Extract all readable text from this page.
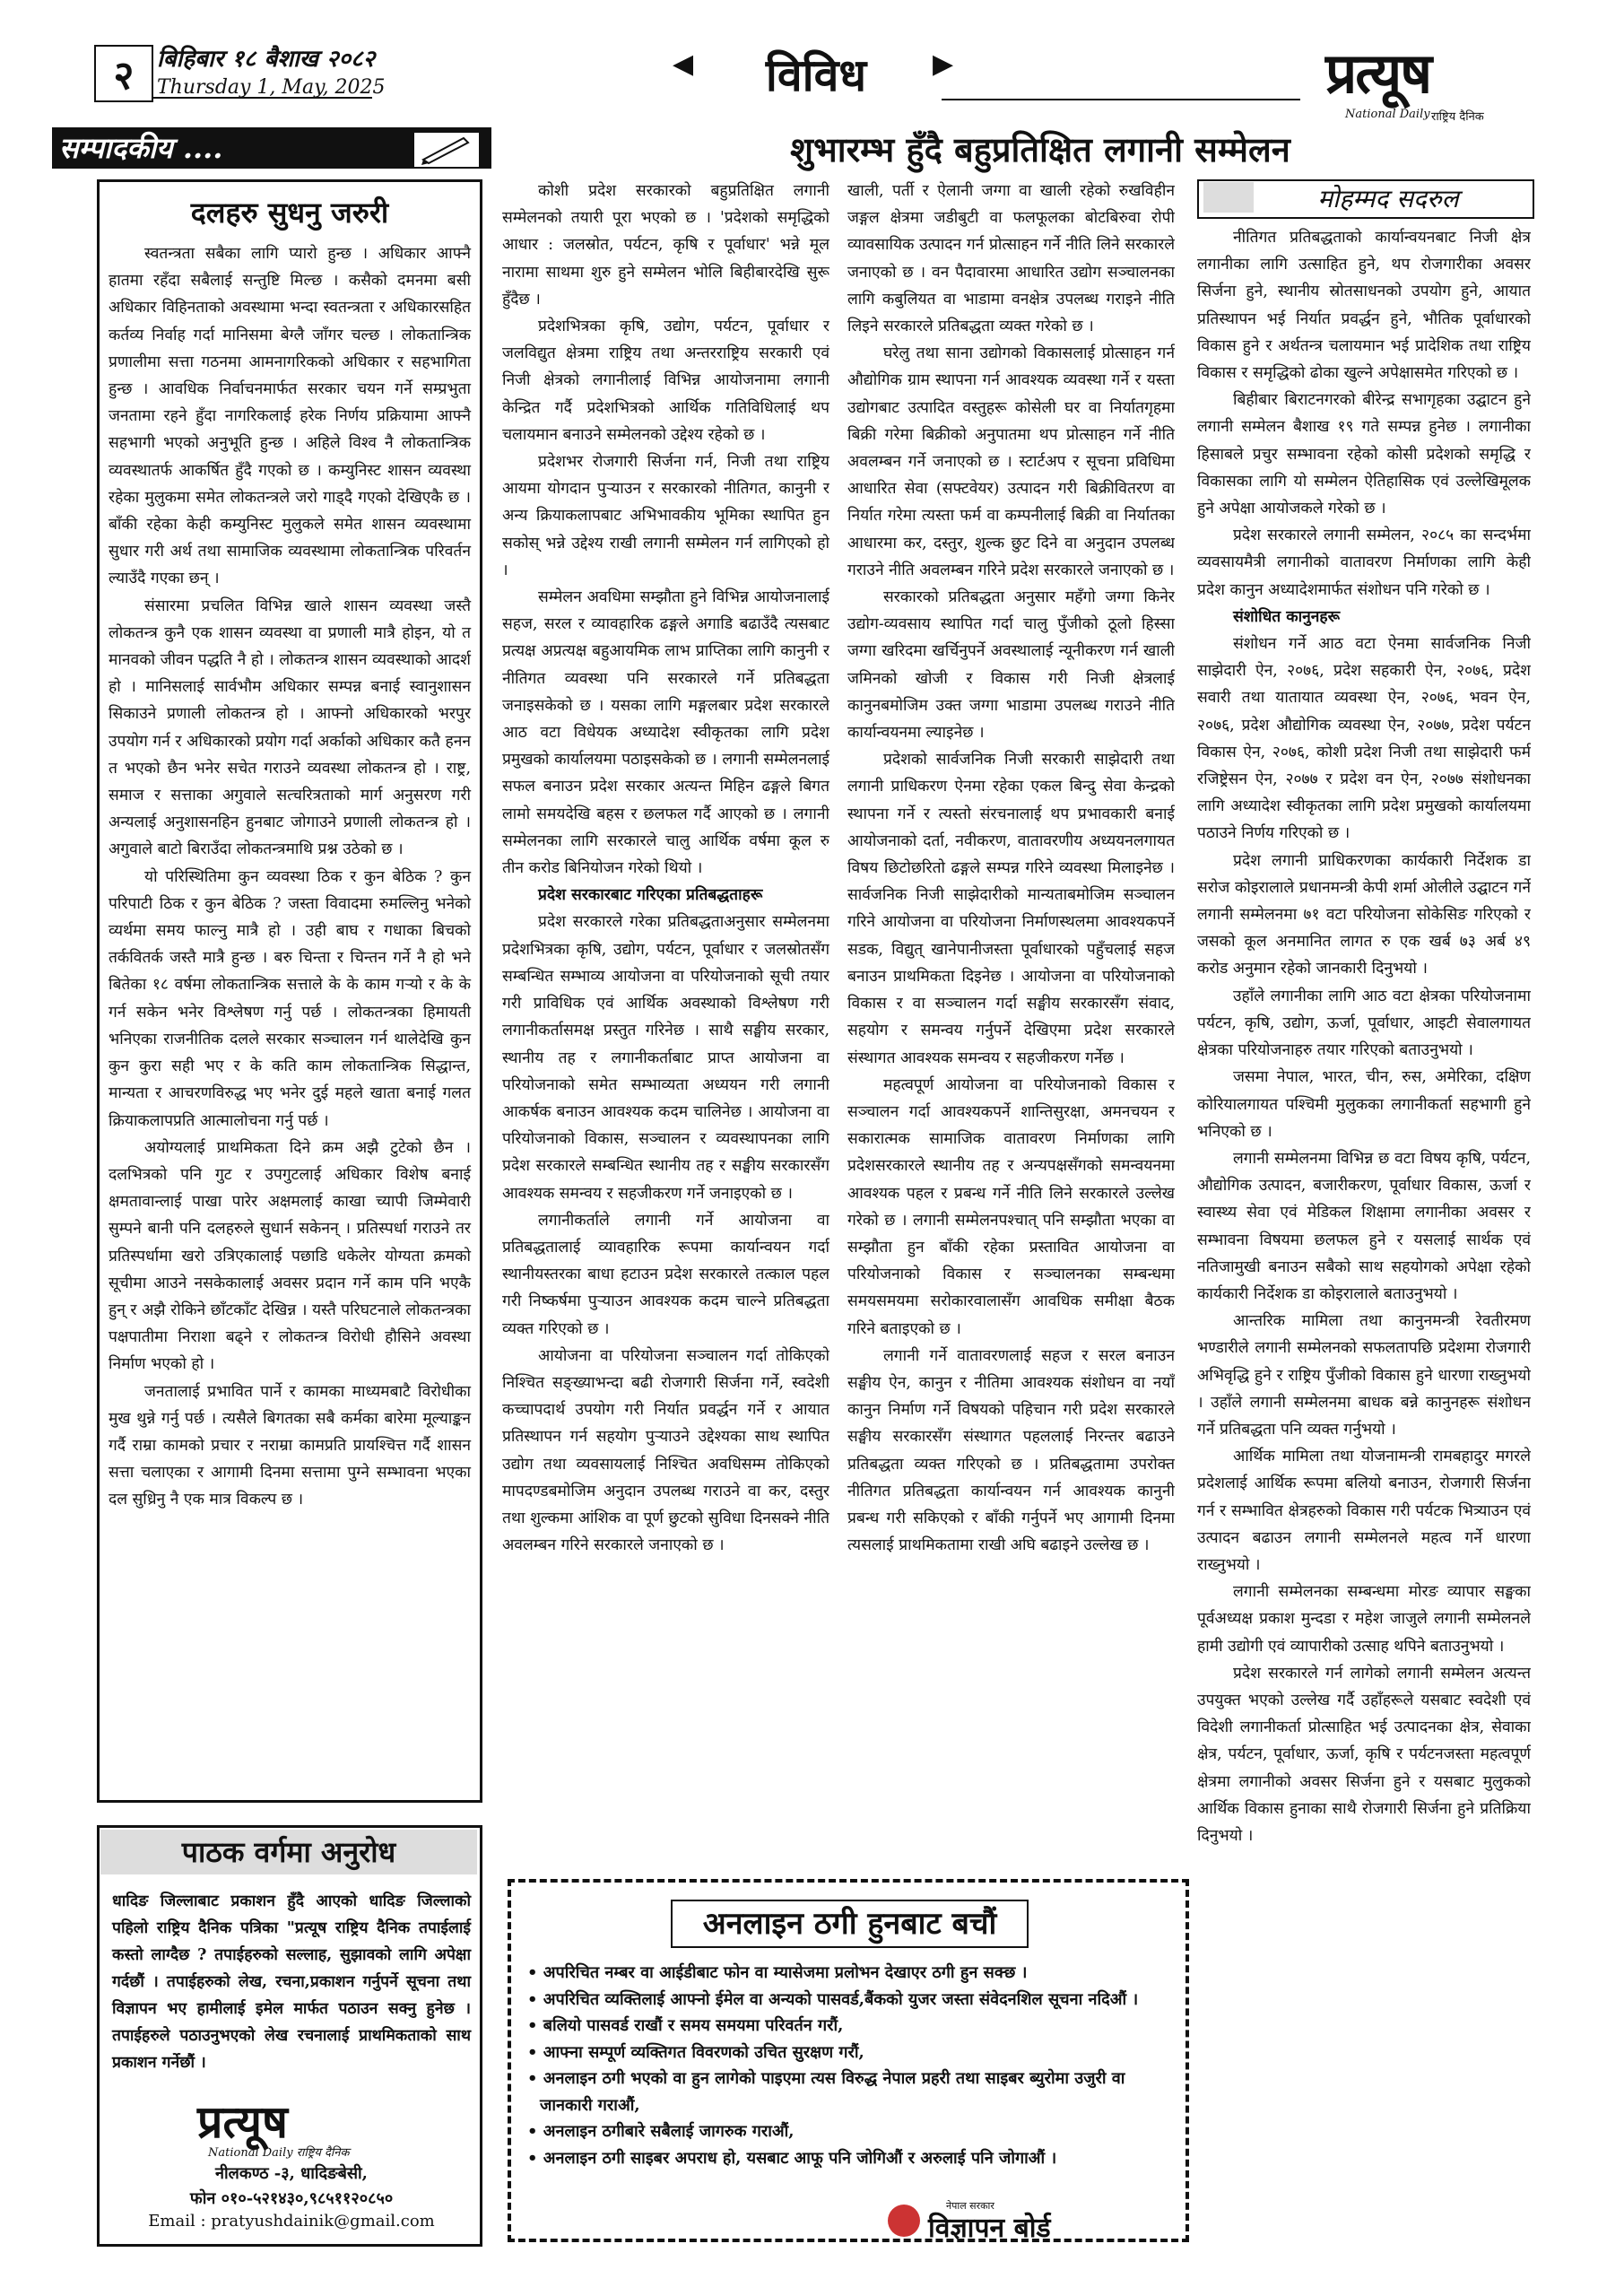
२ बिहिबार १८ बैशाख २०८२
Thursday 1, May, 2025
◀	विविध	▶	प्रत्यूष
National Daily राष्ट्रिय दैनिक
सम्पादकीय ....
दलहरु सुधनु जरुरी

स्वतन्त्रता सबैका लागि प्यारो हुन्छ । अधिकार आफ्नै हातमा रहँदा सबैलाई सन्तुष्टि मिल्छ । कसैको दमनमा बसी अधिकार विहिनताको अवस्थामा भन्दा स्वतन्त्रता र अधिकारसहित कर्तव्य निर्वाह गर्दा मानिसमा बेग्लै जाँगर चल्छ । लोकतान्त्रिक प्रणालीमा सत्ता गठनमा आमनागरिकको अधिकार र सहभागिता हुन्छ । आवधिक निर्वाचनमार्फत सरकार चयन गर्ने सम्प्रभुता जनतामा रहने हुँदा नागरिकलाई हरेक निर्णय प्रक्रियामा आफ्नै सहभागी भएको अनुभूति हुन्छ । अहिले विश्व नै लोकतान्त्रिक व्यवस्थातर्फ आकर्षित हुँदै गएको छ । कम्युनिस्ट शासन व्यवस्था रहेका मुलुकमा समेत लोकतन्त्रले जरो गाड्दै गएको देखिएकै छ । बाँकी रहेका केही कम्युनिस्ट मुलुकले समेत शासन व्यवस्थामा सुधार गरी अर्थ तथा सामाजिक व्यवस्थामा लोकतान्त्रिक परिवर्तन ल्याउँदै गएका छन् ।

संसारमा प्रचलित विभिन्न खाले शासन व्यवस्था जस्तै लोकतन्त्र कुनै एक शासन व्यवस्था वा प्रणाली मात्रै होइन, यो त मानवको जीवन पद्धति नै हो । लोकतन्त्र शासन व्यवस्थाको आदर्श हो । मानिसलाई सार्वभौम अधिकार सम्पन्न बनाई स्वानुशासन सिकाउने प्रणाली लोकतन्त्र हो । आफ्नो अधिकारको भरपुर उपयोग गर्न र अधिकारको प्रयोग गर्दा अर्काको अधिकार कतै हनन त भएको छैन भनेर सचेत गराउने व्यवस्था लोकतन्त्र हो । राष्ट्र, समाज र सत्ताका अगुवाले सत्चरित्रताको मार्ग अनुसरण गरी अन्यलाई अनुशासनहिन हुनबाट जोगाउने प्रणाली लोकतन्त्र हो । अगुवाले बाटो बिराउँदा लोकतन्त्रमाथि प्रश्न उठेको छ ।

यो परिस्थितिमा कुन व्यवस्था ठिक र कुन बेठिक ? कुन परिपाटी ठिक र कुन बेठिक ? जस्ता विवादमा रुमल्लिनु भनेको व्यर्थमा समय फाल्नु मात्रै हो । उही बाघ र गधाका बिचको तर्कवितर्क जस्तै मात्रै हुन्छ । बरु चिन्ता र चिन्तन गर्ने नै हो भने बितेका १८ वर्षमा लोकतान्त्रिक सत्ताले के के काम गऱ्यो र के के गर्न सकेन भनेर विश्लेषण गर्नु पर्छ । लोकतन्त्रका हिमायती भनिएका राजनीतिक दलले सरकार सञ्चालन गर्न थालेदेखि कुन कुन कुरा सही भए र के कति काम लोकतान्त्रिक सिद्धान्त, मान्यता र आचरणविरुद्ध भए भनेर दुई महले खाता बनाई गलत क्रियाकलापप्रति आत्मालोचना गर्नु पर्छ ।

अयोग्यलाई प्राथमिकता दिने क्रम अझै टुटेको छैन । दलभित्रको पनि गुट र उपगुटलाई अधिकार विशेष बनाई क्षमतावान्लाई पाखा पारेर अक्षमलाई काखा च्यापी जिम्मेवारी सुम्पने बानी पनि दलहरुले सुधार्न सकेनन् । प्रतिस्पर्धा गराउने तर प्रतिस्पर्धामा खरो उत्रिएकालाई पछाडि धकेलेर योग्यता क्रमको सूचीमा आउने नसकेकालाई अवसर प्रदान गर्ने काम पनि भएकै हुन् र अझै रोकिने छाँटकाँट देखिन्न । यस्तै परिघटनाले लोकतन्त्रका पक्षपातीमा निराशा बढ्ने र लोकतन्त्र विरोधी हौसिने अवस्था निर्माण भएको हो ।

जनतालाई प्रभावित पार्ने र कामका माध्यमबाटै विरोधीका मुख थुन्ने गर्नु पर्छ । त्यसैले बिगतका सबै कर्मका बारेमा मूल्याङ्कन गर्दै राम्रा कामको प्रचार र नराम्रा कामप्रति प्रायश्चित्त गर्दै शासन सत्ता चलाएका र आगामी दिनमा सत्तामा पुग्ने सम्भावना भएका दल सुध्रिनु नै एक मात्र विकल्प छ ।

शुभारम्भ हुँदै बहुप्रतिक्षित लगानी सम्मेलन

कोशी प्रदेश सरकारको बहुप्रतिक्षित लगानी सम्मेलनको तयारी पूरा भएको छ । 'प्रदेशको समृद्धिको आधार : जलस्रोत, पर्यटन, कृषि र पूर्वाधार' भन्ने मूल नारामा साथमा शुरु हुने सम्मेलन भोलि बिहीबारदेखि सुरू हुँदैछ ।

प्रदेशभित्रका कृषि, उद्योग, पर्यटन, पूर्वाधार र जलविद्युत क्षेत्रमा राष्ट्रिय तथा अन्तरराष्ट्रिय सरकारी एवं निजी क्षेत्रको लगानीलाई विभिन्न आयोजनामा लगानी केन्द्रित गर्दै प्रदेशभित्रको आर्थिक गतिविधिलाई थप चलायमान बनाउने सम्मेलनको उद्देश्य रहेको छ ।

प्रदेशभर रोजगारी सिर्जना गर्न, निजी तथा राष्ट्रिय आयमा योगदान पुर्‍याउन र सरकारको नीतिगत, कानुनी र अन्य क्रियाकलापबाट अभिभावकीय भूमिका स्थापित हुन सकोस् भन्ने उद्देश्य राखी लगानी सम्मेलन गर्न लागिएको हो ।

सम्मेलन अवधिमा सम्झौता हुने विभिन्न आयोजनालाई सहज, सरल र व्यावहारिक ढङ्गले अगाडि बढाउँदै त्यसबाट प्रत्यक्ष अप्रत्यक्ष बहुआयमिक लाभ प्राप्तिका लागि कानुनी र नीतिगत व्यवस्था पनि सरकारले गर्ने प्रतिबद्धता जनाइसकेको छ । यसका लागि मङ्गलबार प्रदेश सरकारले आठ वटा विधेयक अध्यादेश स्वीकृतका लागि प्रदेश प्रमुखको कार्यालयमा पठाइसकेको छ । लगानी सम्मेलनलाई सफल बनाउन प्रदेश सरकार अत्यन्त मिहिन ढङ्गले बिगत लामो समयदेखि बहस र छलफल गर्दै आएको छ । लगानी सम्मेलनका लागि सरकारले चालु आर्थिक वर्षमा कूल रु तीन करोड बिनियोजन गरेको थियो ।

प्रदेश सरकारबाट गरिएका प्रतिबद्धताहरू

प्रदेश सरकारले गरेका प्रतिबद्धताअनुसार सम्मेलनमा प्रदेशभित्रका कृषि, उद्योग, पर्यटन, पूर्वाधार र जलस्रोतसँग सम्बन्धित सम्भाव्य आयोजना वा परियोजनाको सूची तयार गरी प्राविधिक एवं आर्थिक अवस्थाको विश्लेषण गरी लगानीकर्तासमक्ष प्रस्तुत गरिनेछ । साथै सङ्घीय सरकार, स्थानीय तह र लगानीकर्ताबाट प्राप्त आयोजना वा परियोजनाको समेत सम्भाव्यता अध्ययन गरी लगानी आकर्षक बनाउन आवश्यक कदम चालिनेछ । आयोजना वा परियोजनाको विकास, सञ्चालन र व्यवस्थापनका लागि प्रदेश सरकारले सम्बन्धित स्थानीय तह र सङ्घीय सरकारसँग आवश्यक समन्वय र सहजीकरण गर्ने जनाइएको छ ।

लगानीकर्ताले लगानी गर्ने आयोजना वा प्रतिबद्धतालाई व्यावहारिक रूपमा कार्यान्वयन गर्दा स्थानीयस्तरका बाधा हटाउन प्रदेश सरकारले तत्काल पहल गरी निष्कर्षमा पुर्‍याउन आवश्यक कदम चाल्ने प्रतिबद्धता व्यक्त गरिएको छ ।

आयोजना वा परियोजना सञ्चालन गर्दा तोकिएको निश्चित सङ्ख्याभन्दा बढी रोजगारी सिर्जना गर्ने, स्वदेशी कच्चापदार्थ उपयोग गरी निर्यात प्रवर्द्धन गर्ने र आयात प्रतिस्थापन गर्न सहयोग पुर्‍याउने उद्देश्यका साथ स्थापित उद्योग तथा व्यवसायलाई निश्चित अवधिसम्म तोकिएको मापदण्डबमोजिम अनुदान उपलब्ध गराउने वा कर, दस्तुर तथा शुल्कमा आंशिक वा पूर्ण छुटको सुविधा दिनसक्ने नीति अवलम्बन गरिने सरकारले जनाएको छ ।

खाली, पर्ती र ऐलानी जग्गा वा खाली रहेको रुखविहीन जङ्गल क्षेत्रमा जडीबुटी वा फलफूलका बोटबिरुवा रोपी व्यावसायिक उत्पादन गर्न प्रोत्साहन गर्ने नीति लिने सरकारले जनाएको छ । वन पैदावारमा आधारित उद्योग सञ्चालनका लागि कबुलियत वा भाडामा वनक्षेत्र उपलब्ध गराइने नीति लिइने सरकारले प्रतिबद्धता व्यक्त गरेको छ ।

घरेलु तथा साना उद्योगको विकासलाई प्रोत्साहन गर्न औद्योगिक ग्राम स्थापना गर्न आवश्यक व्यवस्था गर्ने र यस्ता उद्योगबाट उत्पादित वस्तुहरू कोसेली घर वा निर्यातगृहमा बिक्री गरेमा बिक्रीको अनुपातमा थप प्रोत्साहन गर्ने नीति अवलम्बन गर्ने जनाएको छ । स्टार्टअप र सूचना प्रविधिमा आधारित सेवा (सफ्टवेयर) उत्पादन गरी बिक्रीवितरण वा निर्यात गरेमा त्यस्ता फर्म वा कम्पनीलाई बिक्री वा निर्यातका आधारमा कर, दस्तुर, शुल्क छुट दिने वा अनुदान उपलब्ध गराउने नीति अवलम्बन गरिने प्रदेश सरकारले जनाएको छ ।

सरकारको प्रतिबद्धता अनुसार महँगो जग्गा किनेर उद्योग-व्यवसाय स्थापित गर्दा चालु पुँजीको ठूलो हिस्सा जग्गा खरिदमा खर्चिनुपर्ने अवस्थालाई न्यूनीकरण गर्न खाली जमिनको खोजी र विकास गरी निजी क्षेत्रलाई कानुनबमोजिम उक्त जग्गा भाडामा उपलब्ध गराउने नीति कार्यान्वयनमा ल्याइनेछ ।

प्रदेशको सार्वजनिक निजी सरकारी साझेदारी तथा लगानी प्राधिकरण ऐनमा रहेका एकल बिन्दु सेवा केन्द्रको स्थापना गर्ने र त्यस्तो संरचनालाई थप प्रभावकारी बनाई आयोजनाको दर्ता, नवीकरण, वातावरणीय अध्ययनलगायत विषय छिटोछरितो ढङ्गले सम्पन्न गरिने व्यवस्था मिलाइनेछ । सार्वजनिक निजी साझेदारीको मान्यताबमोजिम सञ्चालन गरिने आयोजना वा परियोजना निर्माणस्थलमा आवश्यकपर्ने सडक, विद्युत् खानेपानीजस्ता पूर्वाधारको पहुँचलाई सहज बनाउन प्राथमिकता दिइनेछ । आयोजना वा परियोजनाको विकास र वा सञ्चालन गर्दा सङ्घीय सरकारसँग संवाद, सहयोग र समन्वय गर्नुपर्ने देखिएमा प्रदेश सरकारले संस्थागत आवश्यक समन्वय र सहजीकरण गर्नेछ ।

महत्वपूर्ण आयोजना वा परियोजनाको विकास र सञ्चालन गर्दा आवश्यकपर्ने शान्तिसुरक्षा, अमनचयन र सकारात्मक सामाजिक वातावरण निर्माणका लागि प्रदेशसरकारले स्थानीय तह र अन्यपक्षसँगको समन्वयनमा आवश्यक पहल र प्रबन्ध गर्ने नीति लिने सरकारले उल्लेख गरेको छ । लगानी सम्मेलनपश्चात् पनि सम्झौता भएका वा सम्झौता हुन बाँकी रहेका प्रस्तावित आयोजना वा परियोजनाको विकास र सञ्चालनका सम्बन्धमा समयसमयमा सरोकारवालासँग आवधिक समीक्षा बैठक गरिने बताइएको छ ।

लगानी गर्ने वातावरणलाई सहज र सरल बनाउन सङ्घीय ऐन, कानुन र नीतिमा आवश्यक संशोधन वा नयाँ कानुन निर्माण गर्ने विषयको पहिचान गरी प्रदेश सरकारले सङ्घीय सरकारसँग संस्थागत पहललाई निरन्तर बढाउने प्रतिबद्धता व्यक्त गरिएको छ । प्रतिबद्धतामा उपरोक्त नीतिगत प्रतिबद्धता कार्यान्वयन गर्न आवश्यक कानुनी प्रबन्ध गरी सकिएको र बाँकी गर्नुपर्ने भए आगामी दिनमा त्यसलाई प्राथमिकतामा राखी अघि बढाइने उल्लेख छ ।

मोहम्मद सदरुल

नीतिगत प्रतिबद्धताको कार्यान्वयनबाट निजी क्षेत्र लगानीका लागि उत्साहित हुने, थप रोजगारीका अवसर सिर्जना हुने, स्थानीय स्रोतसाधनको उपयोग हुने, आयात प्रतिस्थापन भई निर्यात प्रवर्द्धन हुने, भौतिक पूर्वाधारको विकास हुने र अर्थतन्त्र चलायमान भई प्रादेशिक तथा राष्ट्रिय विकास र समृद्धिको ढोका खुल्ने अपेक्षासमेत गरिएको छ ।

बिहीबार बिराटनगरको बीरेन्द्र सभागृहका उद्घाटन हुने लगानी सम्मेलन बैशाख १९ गते सम्पन्न हुनेछ । लगानीका हिसाबले प्रचुर सम्भावना रहेको कोसी प्रदेशको समृद्धि र विकासका लागि यो सम्मेलन ऐतिहासिक एवं उल्लेखिमूलक हुने अपेक्षा आयोजकले गरेको छ ।

प्रदेश सरकारले लगानी सम्मेलन, २०८५ का सन्दर्भमा व्यवसायमैत्री लगानीको वातावरण निर्माणका लागि केही प्रदेश कानुन अध्यादेशमार्फत संशोधन पनि गरेको छ ।

संशोधित कानुनहरू

संशोधन गर्ने आठ वटा ऐनमा सार्वजनिक निजी साझेदारी ऐन, २०७६, प्रदेश सहकारी ऐन, २०७६, प्रदेश सवारी तथा यातायात व्यवस्था ऐन, २०७६, भवन ऐन, २०७६, प्रदेश औद्योगिक व्यवस्था ऐन, २०७७, प्रदेश पर्यटन विकास ऐन, २०७६, कोशी प्रदेश निजी तथा साझेदारी फर्म रजिष्ट्रेसन ऐन, २०७७ र प्रदेश वन ऐन, २०७७ संशोधनका लागि अध्यादेश स्वीकृतका लागि प्रदेश प्रमुखको कार्यालयमा पठाउने निर्णय गरिएको छ ।

प्रदेश लगानी प्राधिकरणका कार्यकारी निर्देशक डा सरोज कोइरालाले प्रधानमन्त्री केपी शर्मा ओलीले उद्घाटन गर्ने लगानी सम्मेलनमा ७१ वटा परियोजना सोकेसिङ गरिएको र जसको कूल अनमानित लागत रु एक खर्ब ७३ अर्ब ४९ करोड अनुमान रहेको जानकारी दिनुभयो ।

उहाँले लगानीका लागि आठ वटा क्षेत्रका परियोजनामा पर्यटन, कृषि, उद्योग, ऊर्जा, पूर्वाधार, आइटी सेवालगायत क्षेत्रका परियोजनाहरु तयार गरिएको बताउनुभयो ।

जसमा नेपाल, भारत, चीन, रुस, अमेरिका, दक्षिण कोरियालगायत पश्चिमी मुलुकका लगानीकर्ता सहभागी हुने भनिएको छ ।

लगानी सम्मेलनमा विभिन्न छ वटा विषय कृषि, पर्यटन, औद्योगिक उत्पादन, बजारीकरण, पूर्वाधार विकास, ऊर्जा र स्वास्थ्य सेवा एवं मेडिकल शिक्षामा लगानीका अवसर र सम्भावना विषयमा छलफल हुने र यसलाई सार्थक एवं नतिजामुखी बनाउन सबैको साथ सहयोगको अपेक्षा रहेको कार्यकारी निर्देशक डा कोइरालाले बताउनुभयो ।

आन्तरिक मामिला तथा कानुनमन्त्री रेवतीरमण भण्डारीले लगानी सम्मेलनको सफलतापछि प्रदेशमा रोजगारी अभिवृद्धि हुने र राष्ट्रिय पुँजीको विकास हुने धारणा राख्नुभयो । उहाँले लगानी सम्मेलनमा बाधक बन्ने कानुनहरू संशोधन गर्ने प्रतिबद्धता पनि व्यक्त गर्नुभयो ।

आर्थिक मामिला तथा योजनामन्त्री रामबहादुर मगरले प्रदेशलाई आर्थिक रूपमा बलियो बनाउन, रोजगारी सिर्जना गर्न र सम्भावित क्षेत्रहरुको विकास गरी पर्यटक भित्र्याउन एवं उत्पादन बढाउन लगानी सम्मेलनले महत्व गर्ने धारणा राख्नुभयो ।

लगानी सम्मेलनका सम्बन्धमा मोरङ व्यापार सङ्घका पूर्वअध्यक्ष प्रकाश मुन्दडा र महेश जाजुले लगानी सम्मेलनले हामी उद्योगी एवं व्यापारीको उत्साह थपिने बताउनुभयो ।

प्रदेश सरकारले गर्न लागेको लगानी सम्मेलन अत्यन्त उपयुक्त भएको उल्लेख गर्दै उहाँहरूले यसबाट स्वदेशी एवं विदेशी लगानीकर्ता प्रोत्साहित भई उत्पादनका क्षेत्र, सेवाका क्षेत्र, पर्यटन, पूर्वाधार, ऊर्जा, कृषि र पर्यटनजस्ता महत्वपूर्ण क्षेत्रमा लगानीको अवसर सिर्जना हुने र यसबाट मुलुकको आर्थिक विकास हुनाका साथै रोजगारी सिर्जना हुने प्रतिक्रिया दिनुभयो ।

पाठक वर्गमा अनुरोध
धादिङ जिल्लाबाट प्रकाशन हुँदै आएको धादिङ जिल्लाको पहिलो राष्ट्रिय दैनिक पत्रिका "प्रत्यूष राष्ट्रिय दैनिक तपाईलाई कस्तो लाग्दैछ ? तपाईहरुको सल्लाह, सुझावको लागि अपेक्षा गर्दछौं । तपाईहरुको लेख, रचना,प्रकाशन गर्नुपर्ने सूचना तथा विज्ञापन भए हामीलाई इमेल मार्फत पठाउन सक्नु हुनेछ । तपाईहरुले पठाउनुभएको लेख रचनालाई प्राथमिकताको साथ प्रकाशन गर्नेछौं ।
प्रत्यूष
National Daily राष्ट्रिय दैनिक
नीलकण्ठ -३, धादिङबेसी,
फोन ०१०-५२१४३०,९८५११२०८५०
Email : pratyushdainik@gmail.com
अनलाइन ठगी हुनबाट बचौं
• अपरिचित नम्बर वा आईडीबाट फोन वा म्यासेजमा प्रलोभन देखाएर ठगी हुन सक्छ ।
• अपरिचित व्यक्तिलाई आफ्नो ईमेल वा अन्यको पासवर्ड,बैंकको युजर जस्ता संवेदनशिल सूचना नदिऔं ।
• बलियो पासवर्ड राखौं र समय समयमा परिवर्तन गरौं,
• आफ्ना सम्पूर्ण व्यक्तिगत विवरणको उचित सुरक्षण गरौं,
• अनलाइन ठगी भएको वा हुन लागेको पाइएमा त्यस विरुद्ध नेपाल प्रहरी तथा साइबर ब्युरोमा उजुरी वा जानकारी गराऔं,
• अनलाइन ठगीबारे सबैलाई जागरुक गराऔं,
• अनलाइन ठगी साइबर अपराध हो, यसबाट आफू पनि जोगिऔं र अरुलाई पनि जोगाऔं ।
नेपाल सरकार
विज्ञापन बोर्ड
